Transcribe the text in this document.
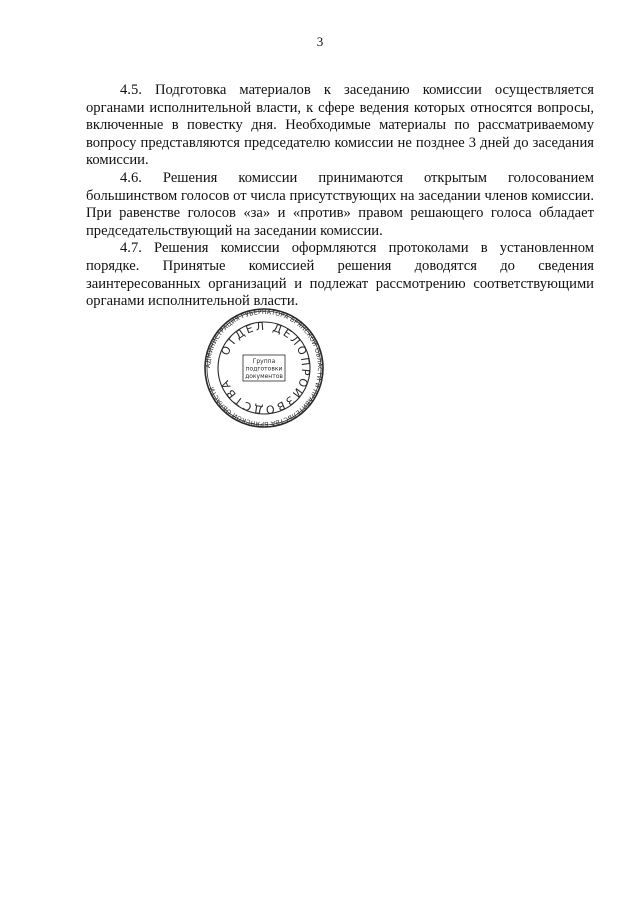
3

4.5. Подготовка материалов к заседанию комиссии осуществляется органами исполнительной власти, к сфере ведения которых относятся вопросы, включенные в повестку дня. Необходимые материалы по рассматриваемому вопросу представляются председателю комиссии не позднее 3 дней до заседания комиссии.

4.6. Решения комиссии принимаются открытым голосованием большинством голосов от числа присутствующих на заседании членов комиссии. При равенстве голосов «за» и «против» правом решающего голоса обладает председательствующий на заседании комиссии.

4.7. Решения комиссии оформляются протоколами в установленном порядке. Принятые комиссией решения доводятся до сведения заинтересованных организаций и подлежат рассмотрению соответствующими органами исполнительной власти.

АДМИНИСТРАЦИЯ ГУБЕРНАТОРА БРЯНСКОЙ ОБЛАСТИ И ПРАВИТЕЛЬСТВА БРЯНСКОЙ ОБЛАСТИ
ОТДЕЛ ДЕЛОПРОИЗВОДСТВА
Группа
подготовки
документов
